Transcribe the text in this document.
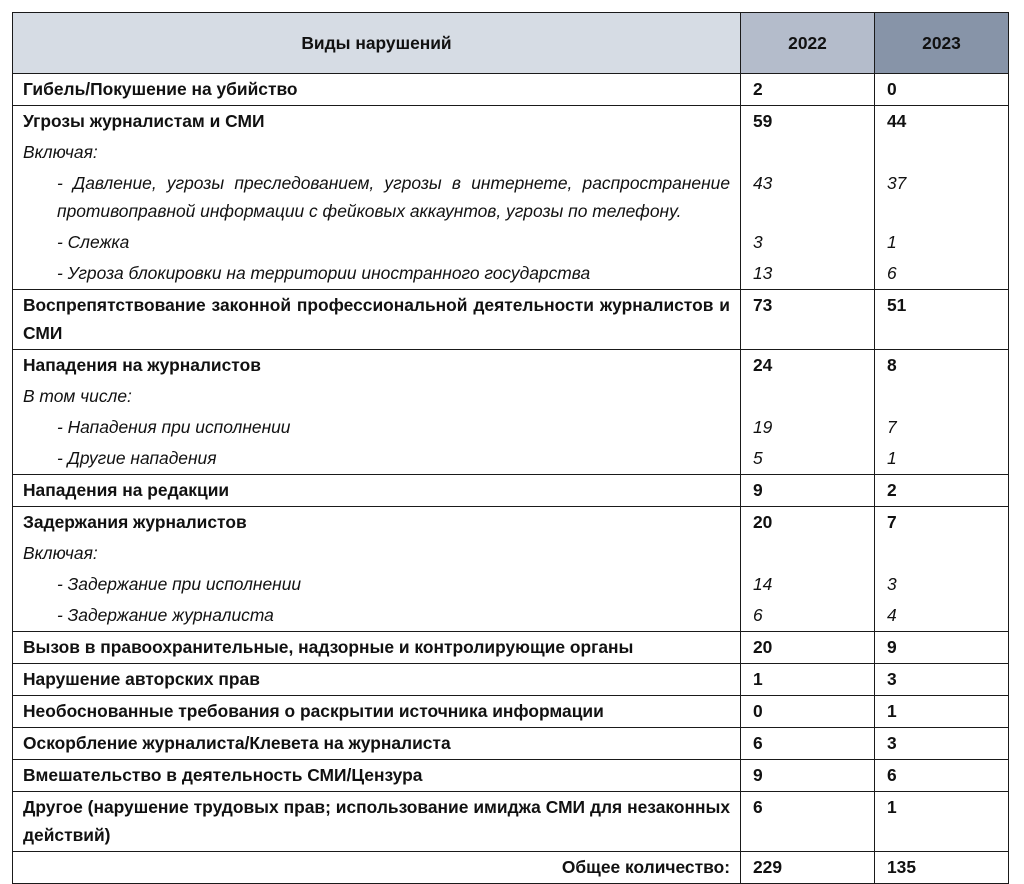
Виды нарушений	2022	2023
Гибель/Покушение на убийство	2	0
Угрозы журналистам и СМИ	59	44
Включая:		
- Давление, угрозы преследованием, угрозы в интернете, распространение противоправной информации с фейковых аккаунтов, угрозы по телефону.	43	37
- Слежка	3	1
- Угроза блокировки на территории иностранного государства	13	6
Воспрепятствование законной профессиональной деятельности журналистов и СМИ	73	51
Нападения на журналистов	24	8
В том числе:		
- Нападения при исполнении	19	7
- Другие нападения	5	1
Нападения на редакции	9	2
Задержания журналистов	20	7
Включая:		
- Задержание при исполнении	14	3
- Задержание журналиста	6	4
Вызов в правоохранительные, надзорные и контролирующие органы	20	9
Нарушение авторских прав	1	3
Необоснованные требования о раскрытии источника информации	0	1
Оскорбление журналиста/Клевета на журналиста	6	3
Вмешательство в деятельность СМИ/Цензура	9	6
Другое (нарушение трудовых прав; использование имиджа СМИ для незаконных действий)	6	1
Общее количество:	229	135
